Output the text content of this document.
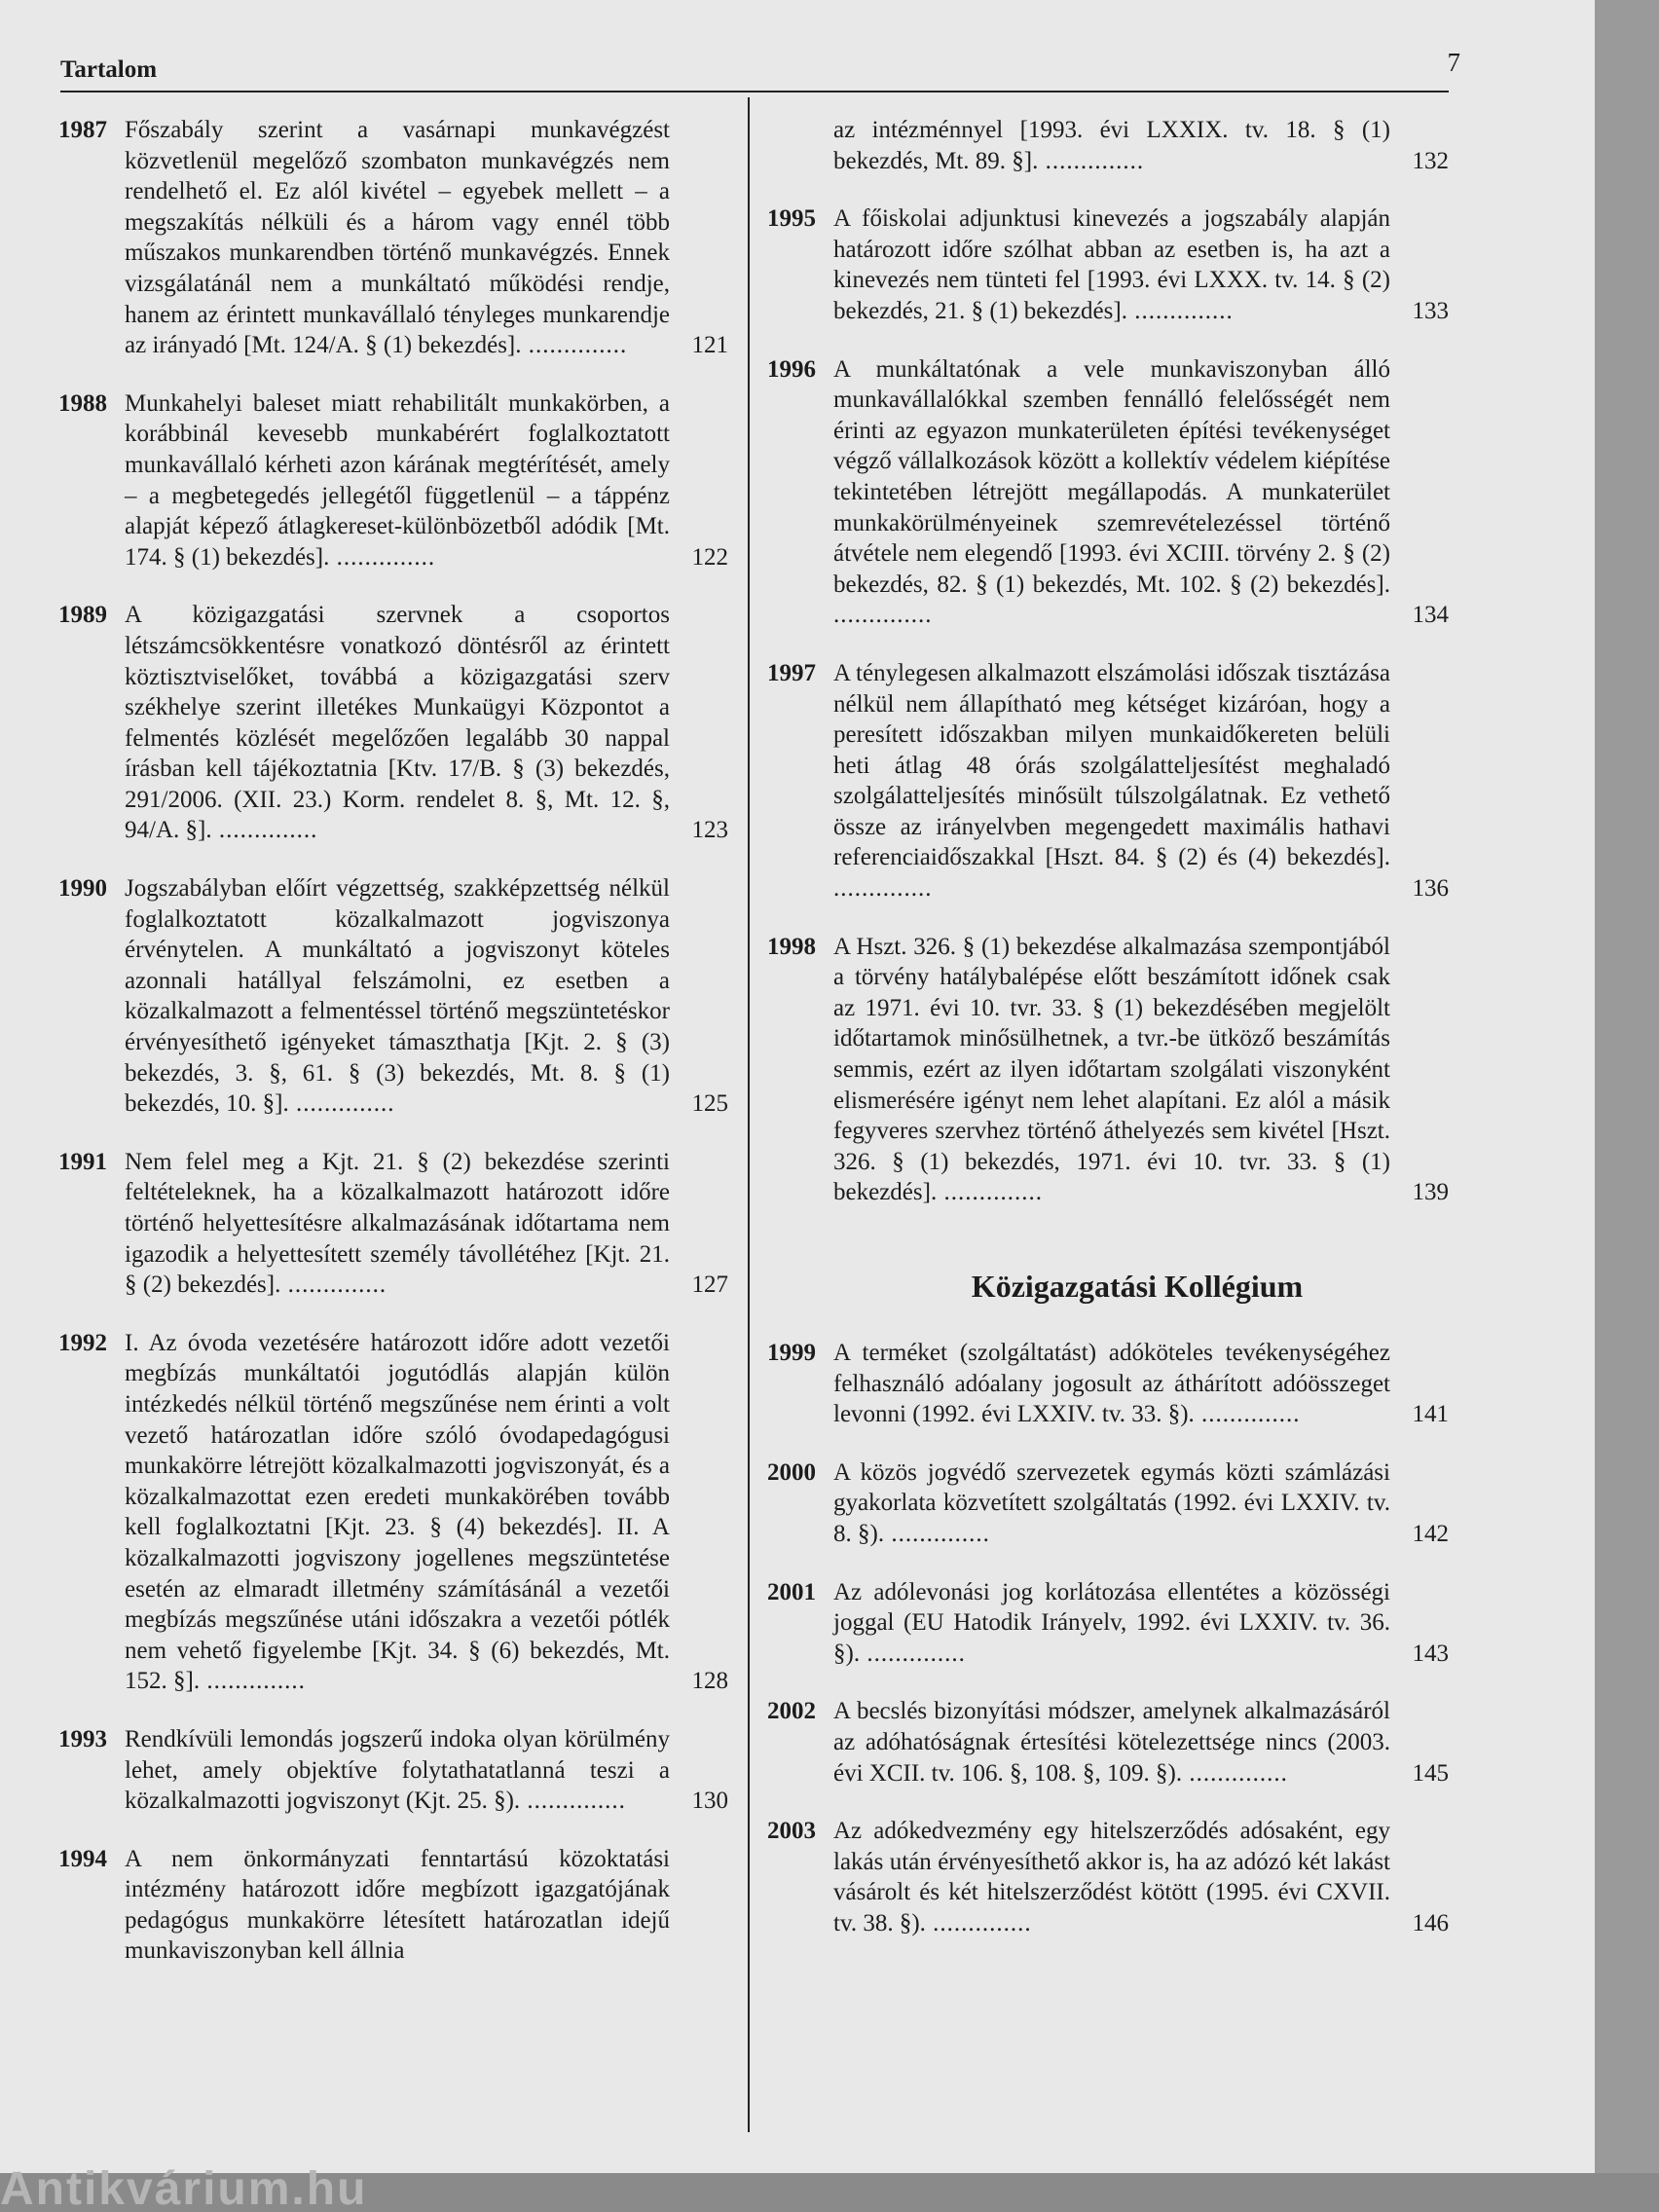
Tartalom	7
1987 Főszabály szerint a vasárnapi munkavégzést közvetlenül megelőző szombaton munkavégzés nem rendelhető el. Ez alól kivétel – egyebek mellett – a megszakítás nélküli és a három vagy ennél több műszakos munkarendben történő munkavégzés. Ennek vizsgálatánál nem a munkáltató működési rendje, hanem az érintett munkavállaló tényleges munkarendje az irányadó [Mt. 124/A. § (1) bekezdés]. ..............	121
1988 Munkahelyi baleset miatt rehabilitált munkakörben, a korábbinál kevesebb munkabérért foglalkoztatott munkavállaló kérheti azon kárának megtérítését, amely – a megbetegedés jellegétől függetlenül – a táppénz alapját képező átlagkereset-különbözetből adódik [Mt. 174. § (1) bekezdés]. ..............	122
1989 A közigazgatási szervnek a csoportos létszámcsökkentésre vonatkozó döntésről az érintett köztisztviselőket, továbbá a közigazgatási szerv székhelye szerint illetékes Munkaügyi Központot a felmentés közlését megelőzően legalább 30 nappal írásban kell tájékoztatnia [Ktv. 17/B. § (3) bekezdés, 291/2006. (XII. 23.) Korm. rendelet 8. §, Mt. 12. §, 94/A. §]. ..............	123
1990 Jogszabályban előírt végzettség, szakképzettség nélkül foglalkoztatott közalkalmazott jogviszonya érvénytelen. A munkáltató a jogviszonyt köteles azonnali hatállyal felszámolni, ez esetben a közalkalmazott a felmentéssel történő megszüntetéskor érvényesíthető igényeket támaszthatja [Kjt. 2. § (3) bekezdés, 3. §, 61. § (3) bekezdés, Mt. 8. § (1) bekezdés, 10. §]. ..............	125
1991 Nem felel meg a Kjt. 21. § (2) bekezdése szerinti feltételeknek, ha a közalkalmazott határozott időre történő helyettesítésre alkalmazásának időtartama nem igazodik a helyettesített személy távollétéhez [Kjt. 21. § (2) bekezdés]. ..............	127
1992 I. Az óvoda vezetésére határozott időre adott vezetői megbízás munkáltatói jogutódlás alapján külön intézkedés nélkül történő megszűnése nem érinti a volt vezető határozatlan időre szóló óvodapedagógusi munkakörre létrejött közalkalmazotti jogviszonyát, és a közalkalmazottat ezen eredeti munkakörében tovább kell foglalkoztatni [Kjt. 23. § (4) bekezdés]. II. A közalkalmazotti jogviszony jogellenes megszüntetése esetén az elmaradt illetmény számításánál a vezetői megbízás megszűnése utáni időszakra a vezetői pótlék nem vehető figyelembe [Kjt. 34. § (6) bekezdés, Mt. 152. §]. ..............	128
1993 Rendkívüli lemondás jogszerű indoka olyan körülmény lehet, amely objektíve folytathatatlanná teszi a közalkalmazotti jogviszonyt (Kjt. 25. §). ..............	130
1994 A nem önkormányzati fenntartású közoktatási intézmény határozott időre megbízott igazgatójának pedagógus munkakörre létesített határozatlan idejű munkaviszonyban kell állnia
az intézménnyel [1993. évi LXXIX. tv. 18. § (1) bekezdés, Mt. 89. §]. ..............	132
1995 A főiskolai adjunktusi kinevezés a jogszabály alapján határozott időre szólhat abban az esetben is, ha azt a kinevezés nem tünteti fel [1993. évi LXXX. tv. 14. § (2) bekezdés, 21. § (1) bekezdés]. ..............	133
1996 A munkáltatónak a vele munkaviszonyban álló munkavállalókkal szemben fennálló felelősségét nem érinti az egyazon munkaterületen építési tevékenységet végző vállalkozások között a kollektív védelem kiépítése tekintetében létrejött megállapodás. A munkaterület munkakörülményeinek szemrevételezéssel történő átvétele nem elegendő [1993. évi XCIII. törvény 2. § (2) bekezdés, 82. § (1) bekezdés, Mt. 102. § (2) bekezdés]. ..............	134
1997 A ténylegesen alkalmazott elszámolási időszak tisztázása nélkül nem állapítható meg kétséget kizáróan, hogy a peresített időszakban milyen munkaidőkereten belüli heti átlag 48 órás szolgálatteljesítést meghaladó szolgálatteljesítés minősült túlszolgálatnak. Ez vethető össze az irányelvben megengedett maximális hathavi referenciaidőszakkal [Hszt. 84. § (2) és (4) bekezdés]. ..............	136
1998 A Hszt. 326. § (1) bekezdése alkalmazása szempontjából a törvény hatálybalépése előtt beszámított időnek csak az 1971. évi 10. tvr. 33. § (1) bekezdésében megjelölt időtartamok minősülhetnek, a tvr.-be ütköző beszámítás semmis, ezért az ilyen időtartam szolgálati viszonyként elismerésére igényt nem lehet alapítani. Ez alól a másik fegyveres szervhez történő áthelyezés sem kivétel [Hszt. 326. § (1) bekezdés, 1971. évi 10. tvr. 33. § (1) bekezdés]. ..............	139
Közigazgatási Kollégium
1999 A terméket (szolgáltatást) adóköteles tevékenységéhez felhasználó adóalany jogosult az áthárított adóösszeget levonni (1992. évi LXXIV. tv. 33. §). ..............	141
2000 A közös jogvédő szervezetek egymás közti számlázási gyakorlata közvetített szolgáltatás (1992. évi LXXIV. tv. 8. §). ..............	142
2001 Az adólevonási jog korlátozása ellentétes a közösségi joggal (EU Hatodik Irányelv, 1992. évi LXXIV. tv. 36. §). ..............	143
2002 A becslés bizonyítási módszer, amelynek alkalmazásáról az adóhatóságnak értesítési kötelezettsége nincs (2003. évi XCII. tv. 106. §, 108. §, 109. §). ..............	145
2003 Az adókedvezmény egy hitelszerződés adósaként, egy lakás után érvényesíthető akkor is, ha az adózó két lakást vásárolt és két hitelszerződést kötött (1995. évi CXVII. tv. 38. §). ..............	146
Antikvárium.hu
